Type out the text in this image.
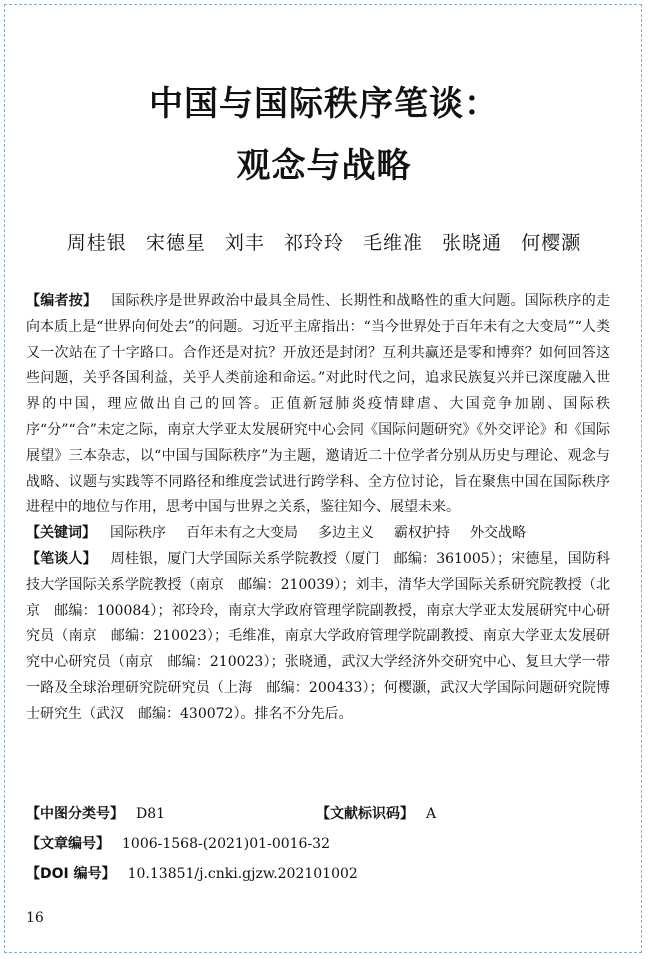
中国与国际秩序笔谈：
观念与战略
周桂银 宋德星 刘丰 祁玲玲 毛维准 张晓通 何樱灏

【编者按】 国际秩序是世界政治中最具全局性、长期性和战略性的重大问题。国际秩序的走向本质上是“世界向何处去”的问题。习近平主席指出：“当今世界处于百年未有之大变局”“人类又一次站在了十字路口。合作还是对抗？开放还是封闭？互利共赢还是零和博弈？如何回答这些问题，关乎各国利益，关乎人类前途和命运。”对此时代之问，追求民族复兴并已深度融入世界的中国，理应做出自己的回答。正值新冠肺炎疫情肆虐、大国竞争加剧、国际秩序“分”“合”未定之际，南京大学亚太发展研究中心会同《国际问题研究》《外交评论》和《国际展望》三本杂志，以“中国与国际秩序”为主题，邀请近二十位学者分别从历史与理论、观念与战略、议题与实践等不同路径和维度尝试进行跨学科、全方位讨论，旨在聚焦中国在国际秩序进程中的地位与作用，思考中国与世界之关系，鉴往知今、展望未来。

【关键词】 国际秩序 百年未有之大变局 多边主义 霸权护持 外交战略

【笔谈人】 周桂银，厦门大学国际关系学院教授（厦门　邮编：361005）；宋德星，国防科技大学国际关系学院教授（南京　邮编：210039）；刘丰，清华大学国际关系研究院教授（北京　邮编：100084）；祁玲玲，南京大学政府管理学院副教授，南京大学亚太发展研究中心研究员（南京　邮编：210023）；毛维准，南京大学政府管理学院副教授、南京大学亚太发展研究中心研究员（南京　邮编：210023）；张晓通，武汉大学经济外交研究中心、复旦大学一带一路及全球治理研究院研究员（上海　邮编：200433）；何樱灏，武汉大学国际问题研究院博士研究生（武汉　邮编：430072）。排名不分先后。

【中图分类号】 D81	【文献标识码】 A
【文章编号】 1006-1568-(2021)01-0016-32
【DOI 编号】 10.13851/j.cnki.gjzw.202101002
16
